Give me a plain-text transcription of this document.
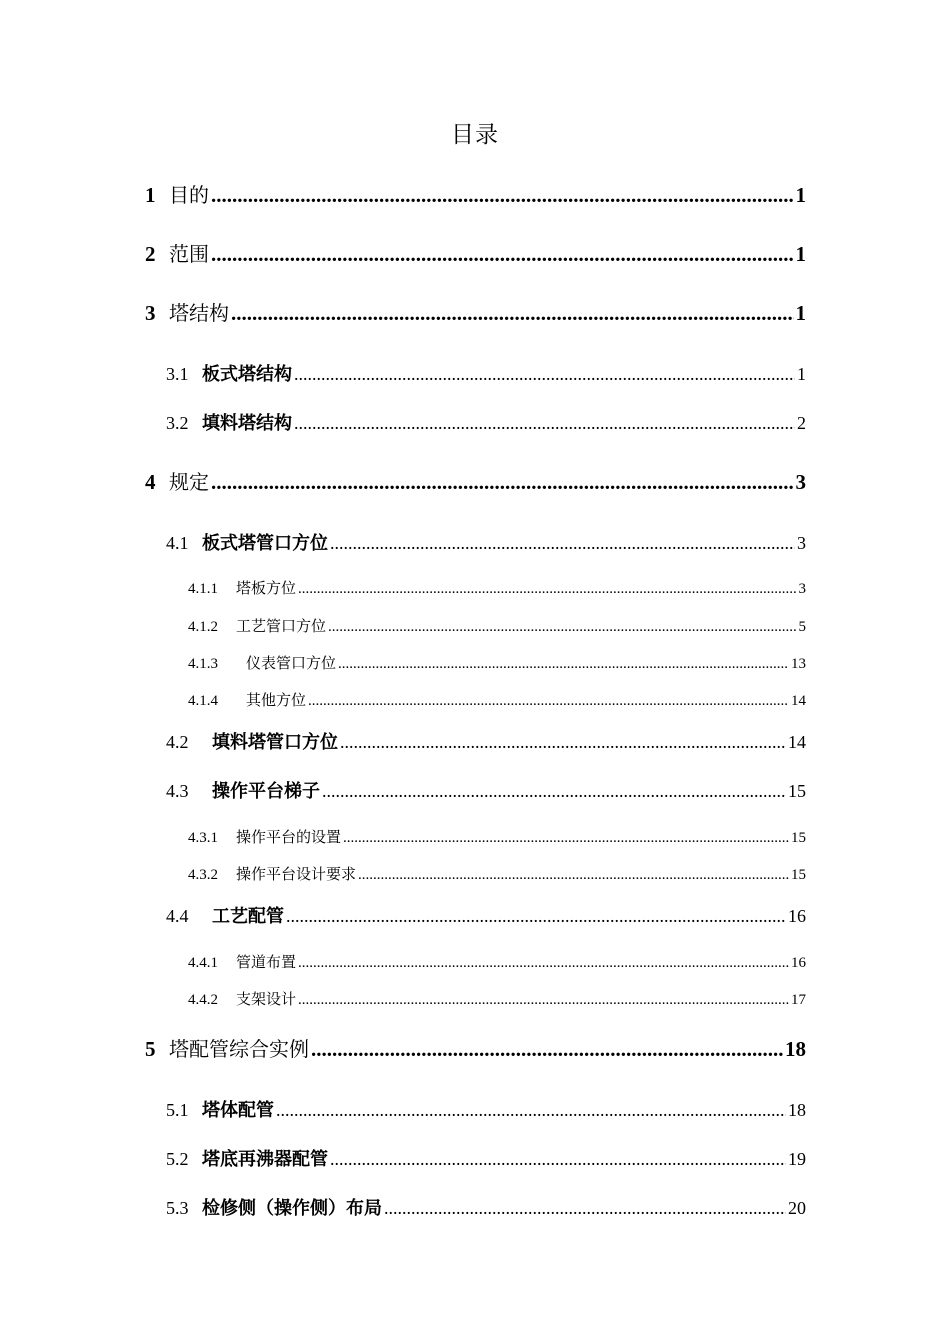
目录
1 目的 .....	1
2 范围 .....	1
3 塔结构 .....	1
3.1 板式塔结构 .....	1
3.2 填料塔结构 .....	2
4 规定 .....	3
4.1 板式塔管口方位 .....	3
4.1.1	塔板方位 .....	3
4.1.2	工艺管口方位 .....	5
4.1.3	仪表管口方位 .....	13
4.1.4	其他方位 .....	14
4.2	填料塔管口方位 .....	14
4.3	操作平台梯子 .....	15
4.3.1	操作平台的设置 .....	15
4.3.2	操作平台设计要求 .....	15
4.4	工艺配管 .....	16
4.4.1	管道布置 .....	16
4.4.2	支架设计 .....	17
5 塔配管综合实例 .....	18
5.1 塔体配管 .....	18
5.2 塔底再沸器配管 .....	19
5.3 检修侧（操作侧）布局 .....	20
